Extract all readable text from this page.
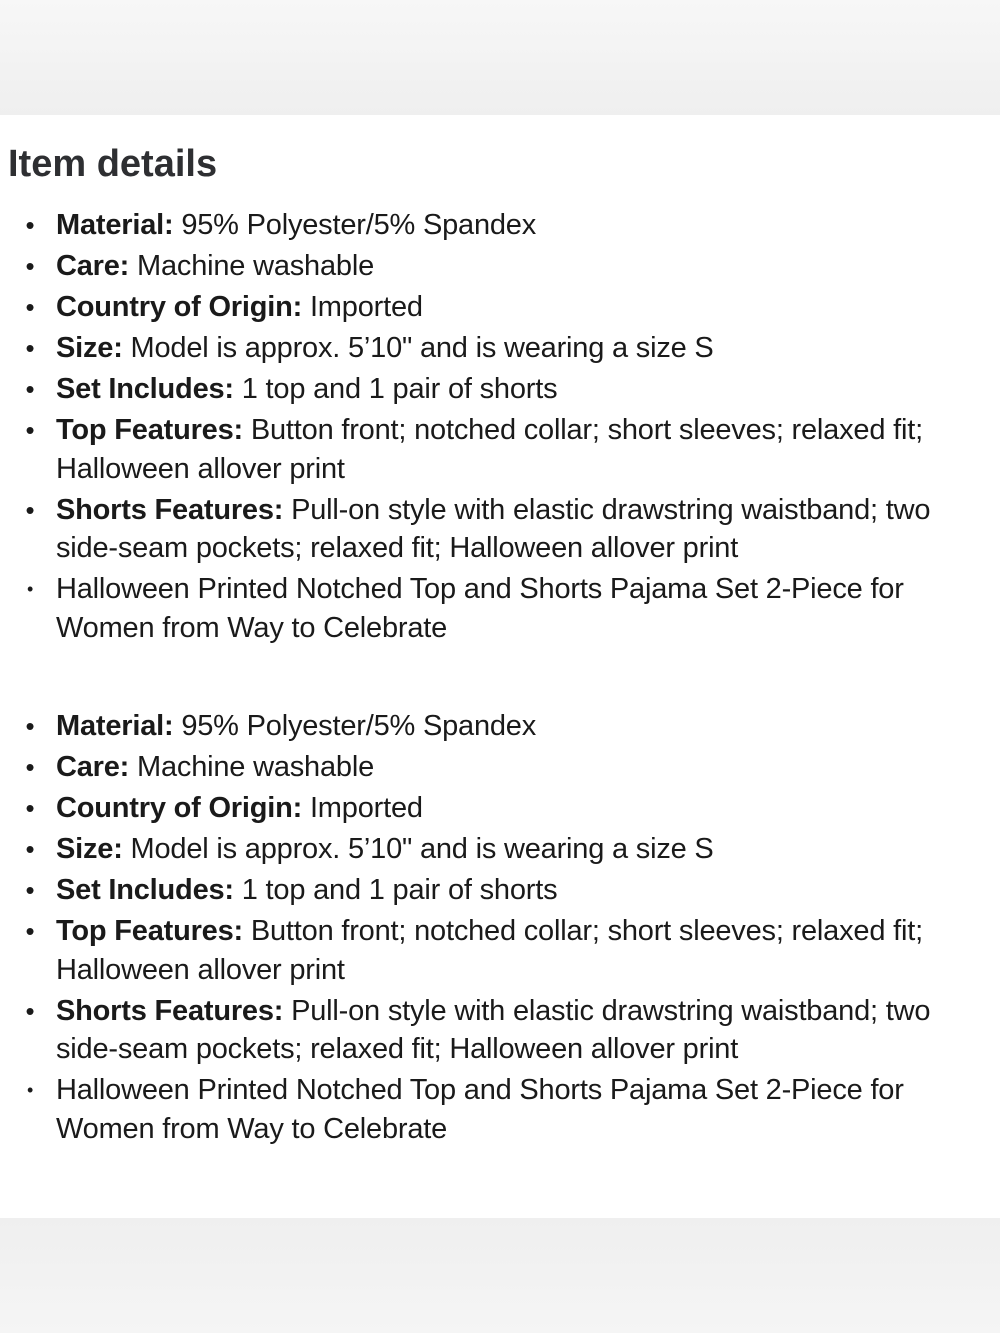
Item details
• Material: 95% Polyester/5% Spandex
• Care: Machine washable
• Country of Origin: Imported
• Size: Model is approx. 5’10" and is wearing a size S
• Set Includes: 1 top and 1 pair of shorts
• Top Features: Button front; notched collar; short sleeves; relaxed fit; Halloween allover print
• Shorts Features: Pull-on style with elastic drawstring waistband; two side-seam pockets; relaxed fit; Halloween allover print
• Halloween Printed Notched Top and Shorts Pajama Set 2-Piece for Women from Way to Celebrate
• Material: 95% Polyester/5% Spandex
• Care: Machine washable
• Country of Origin: Imported
• Size: Model is approx. 5’10" and is wearing a size S
• Set Includes: 1 top and 1 pair of shorts
• Top Features: Button front; notched collar; short sleeves; relaxed fit; Halloween allover print
• Shorts Features: Pull-on style with elastic drawstring waistband; two side-seam pockets; relaxed fit; Halloween allover print
• Halloween Printed Notched Top and Shorts Pajama Set 2-Piece for Women from Way to Celebrate
